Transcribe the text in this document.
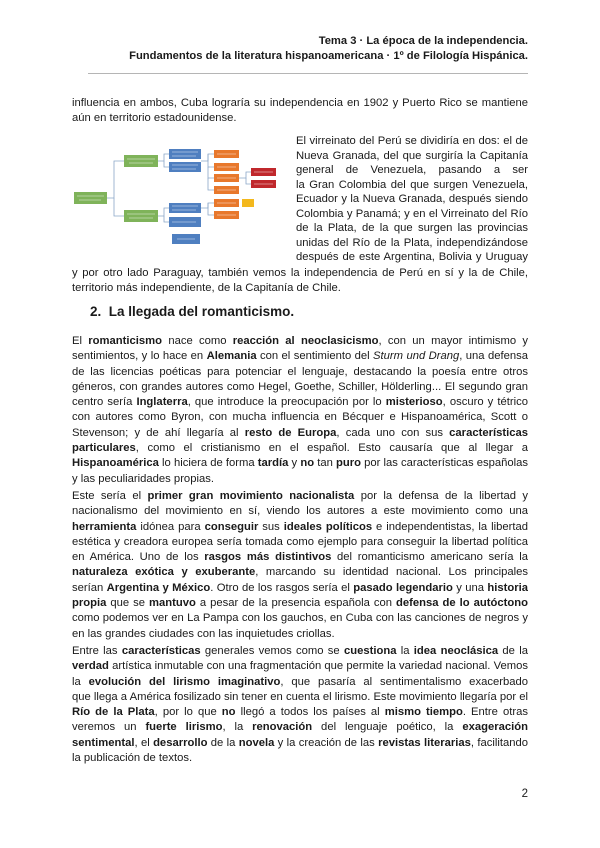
Tema 3 · La época de la independencia.
Fundamentos de la literatura hispanoamericana · 1º de Filología Hispánica.
influencia en ambos, Cuba lograría su independencia en 1902 y Puerto Rico se mantiene
aún en territorio estadounidense.
El virreinato del Perú se dividiría en dos: el de
Nueva Granada, del que surgiría la Capitanía
general de Venezuela, pasando a ser
la Gran Colombia del que surgen Venezuela,
Ecuador y la Nueva Granada, después siendo
Colombia y Panamá; y en el Virreinato del Río
de la Plata, de la que surgen las provincias
unidas del Río de la Plata, independizándose
después de este Argentina, Bolivia y Uruguay
y por otro lado Paraguay, también vemos la independencia de Perú en sí y la de Chile,
territorio más independiente, de la Capitanía de Chile.
2. La llegada del romanticismo.
El romanticismo nace como reacción al neoclasicismo, con un mayor intimismo y
sentimientos, y lo hace en Alemania con el sentimiento del Sturm und Drang, una defensa
de las licencias poéticas para potenciar el lenguaje, destacando la poesía entre otros
géneros, con grandes autores como Hegel, Goethe, Schiller, Hölderling... El segundo gran
centro sería Inglaterra, que introduce la preocupación por lo misterioso, oscuro y tétrico
con autores como Byron, con mucha influencia en Bécquer e Hispanoamérica, Scott o
Stevenson; y de ahí llegaría al resto de Europa, cada uno con sus características
particulares, como el cristianismo en el español. Esto causaría que al llegar a
Hispanoamérica lo hiciera de forma tardía y no tan puro por las características españolas
y las peculiaridades propias.
Este sería el primer gran movimiento nacionalista por la defensa de la libertad y
nacionalismo del movimiento en sí, viendo los autores a este movimiento como una
herramienta idónea para conseguir sus ideales políticos e independentistas, la libertad
estética y creadora europea sería tomada como ejemplo para conseguir la libertad política
en América. Uno de los rasgos más distintivos del romanticismo americano sería la
naturaleza exótica y exuberante, marcando su identidad nacional. Los principales
serían Argentina y México. Otro de los rasgos sería el pasado legendario y una historia
propia que se mantuvo a pesar de la presencia española con defensa de lo autóctono
como podemos ver en La Pampa con los gauchos, en Cuba con las canciones de negros y
en las grandes ciudades con las inquietudes criollas.
Entre las características generales vemos como se cuestiona la idea neoclásica de la
verdad artística inmutable con una fragmentación que permite la variedad nacional. Vemos
la evolución del lirismo imaginativo, que pasaría al sentimentalismo exacerbado
que llega a América fosilizado sin tener en cuenta el lirismo. Este movimiento llegaría por el
Río de la Plata, por lo que no llegó a todos los países al mismo tiempo. Entre otras
veremos un fuerte lirismo, la renovación del lenguaje poético, la exageración
sentimental, el desarrollo de la novela y la creación de las revistas literarias, facilitando
la publicación de textos.
2
